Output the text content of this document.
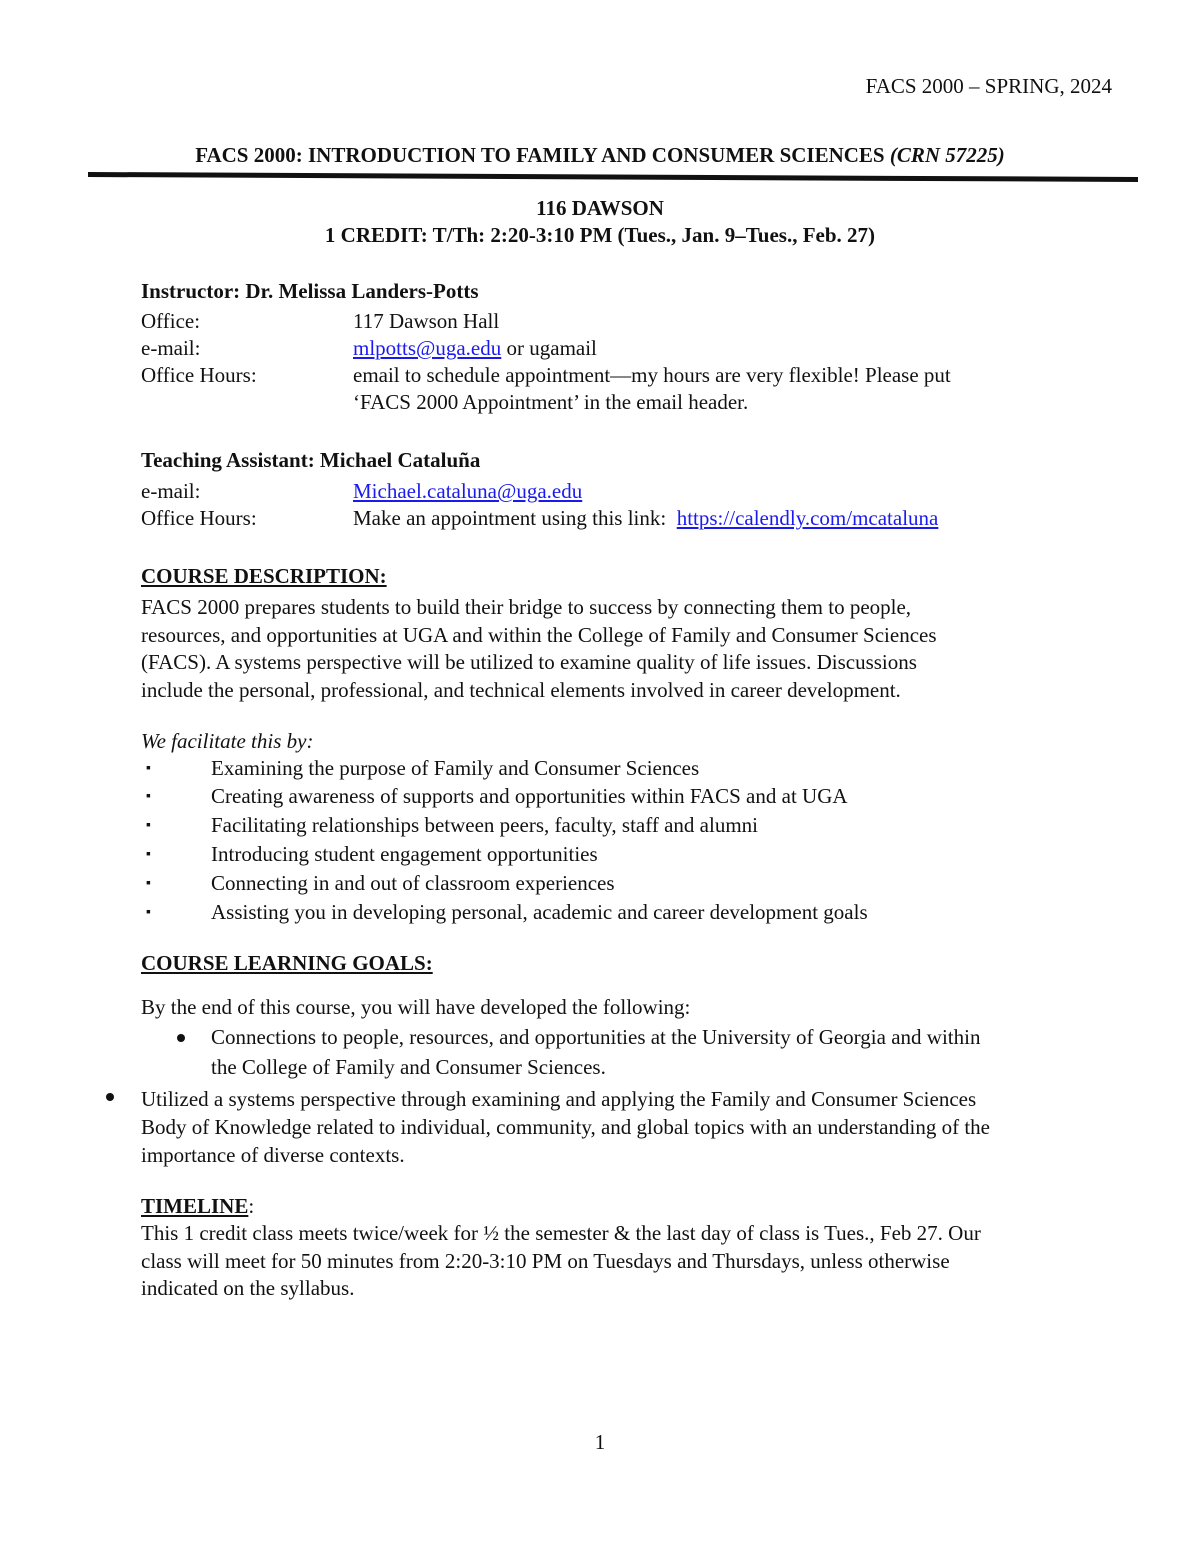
FACS 2000 – SPRING, 2024
FACS 2000: INTRODUCTION TO FAMILY AND CONSUMER SCIENCES (CRN 57225)
116 DAWSON
1 CREDIT: T/Th: 2:20-3:10 PM (Tues., Jan. 9–Tues., Feb. 27)
Instructor: Dr. Melissa Landers-Potts
Office:	117 Dawson Hall
e-mail:	mlpotts@uga.edu or ugamail
Office Hours:	email to schedule appointment—my hours are very flexible! Please put
‘FACS 2000 Appointment’ in the email header.
Teaching Assistant: Michael Cataluña
e-mail:	Michael.cataluna@uga.edu
Office Hours:	Make an appointment using this link:  https://calendly.com/mcataluna
COURSE DESCRIPTION:
FACS 2000 prepares students to build their bridge to success by connecting them to people,
resources, and opportunities at UGA and within the College of Family and Consumer Sciences
(FACS). A systems perspective will be utilized to examine quality of life issues. Discussions
include the personal, professional, and technical elements involved in career development.
We facilitate this by:
▪	Examining the purpose of Family and Consumer Sciences
▪	Creating awareness of supports and opportunities within FACS and at UGA
▪	Facilitating relationships between peers, faculty, staff and alumni
▪	Introducing student engagement opportunities
▪	Connecting in and out of classroom experiences
▪	Assisting you in developing personal, academic and career development goals
COURSE LEARNING GOALS:
By the end of this course, you will have developed the following:
Connections to people, resources, and opportunities at the University of Georgia and within
the College of Family and Consumer Sciences.
Utilized a systems perspective through examining and applying the Family and Consumer Sciences
Body of Knowledge related to individual, community, and global topics with an understanding of the
importance of diverse contexts.
TIMELINE:
This 1 credit class meets twice/week for ½ the semester & the last day of class is Tues., Feb 27. Our
class will meet for 50 minutes from 2:20-3:10 PM on Tuesdays and Thursdays, unless otherwise
indicated on the syllabus.
1
